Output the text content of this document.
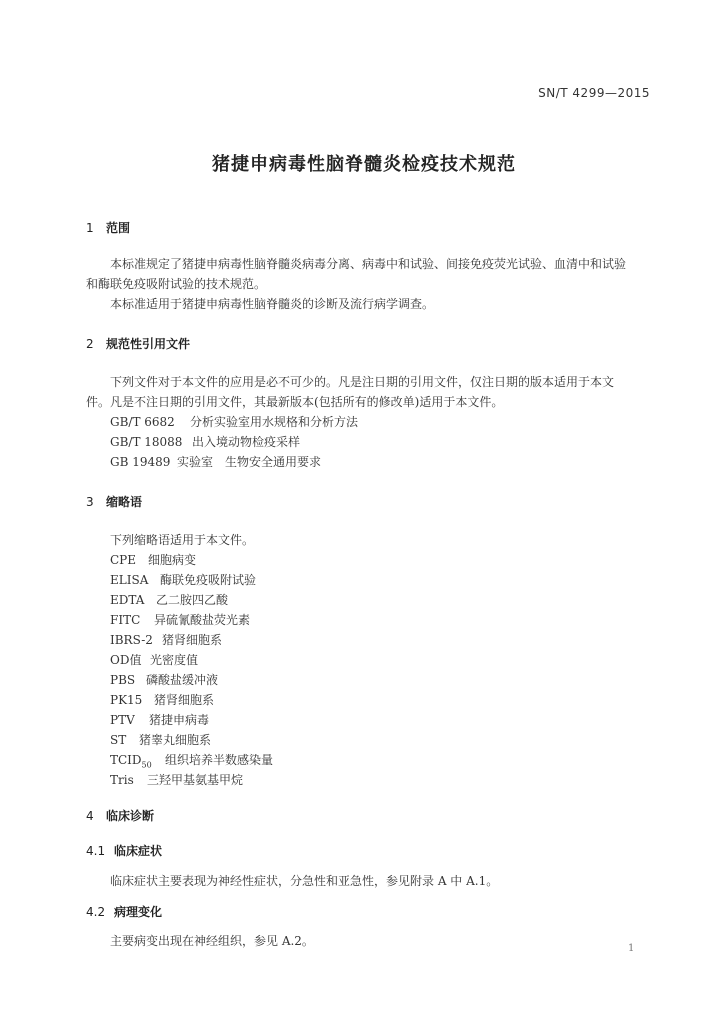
SN/T 4299—2015
猪捷申病毒性脑脊髓炎检疫技术规范
1 范围
本标准规定了猪捷申病毒性脑脊髓炎病毒分离、病毒中和试验、间接免疫荧光试验、血清中和试验
和酶联免疫吸附试验的技术规范。
本标准适用于猪捷申病毒性脑脊髓炎的诊断及流行病学调查。
2 规范性引用文件
下列文件对于本文件的应用是必不可少的。凡是注日期的引用文件，仅注日期的版本适用于本文
件。凡是不注日期的引用文件，其最新版本(包括所有的修改单)适用于本文件。
GB/T 6682 分析实验室用水规格和分析方法
GB/T 18088 出入境动物检疫采样
GB 19489 实验室　生物安全通用要求
3 缩略语
下列缩略语适用于本文件。
CPE 细胞病变
ELISA 酶联免疫吸附试验
EDTA 乙二胺四乙酸
FITC 异硫氰酸盐荧光素
IBRS-2 猪肾细胞系
OD值 光密度值
PBS 磷酸盐缓冲液
PK15 猪肾细胞系
PTV 猪捷申病毒
ST 猪睾丸细胞系
$TCID_{50}$ 组织培养半数感染量
Tris 三羟甲基氨基甲烷
4 临床诊断
4.1 临床症状
临床症状主要表现为神经性症状，分急性和亚急性，参见附录 A 中 A.1。
4.2 病理变化
主要病变出现在神经组织，参见 A.2。
1
